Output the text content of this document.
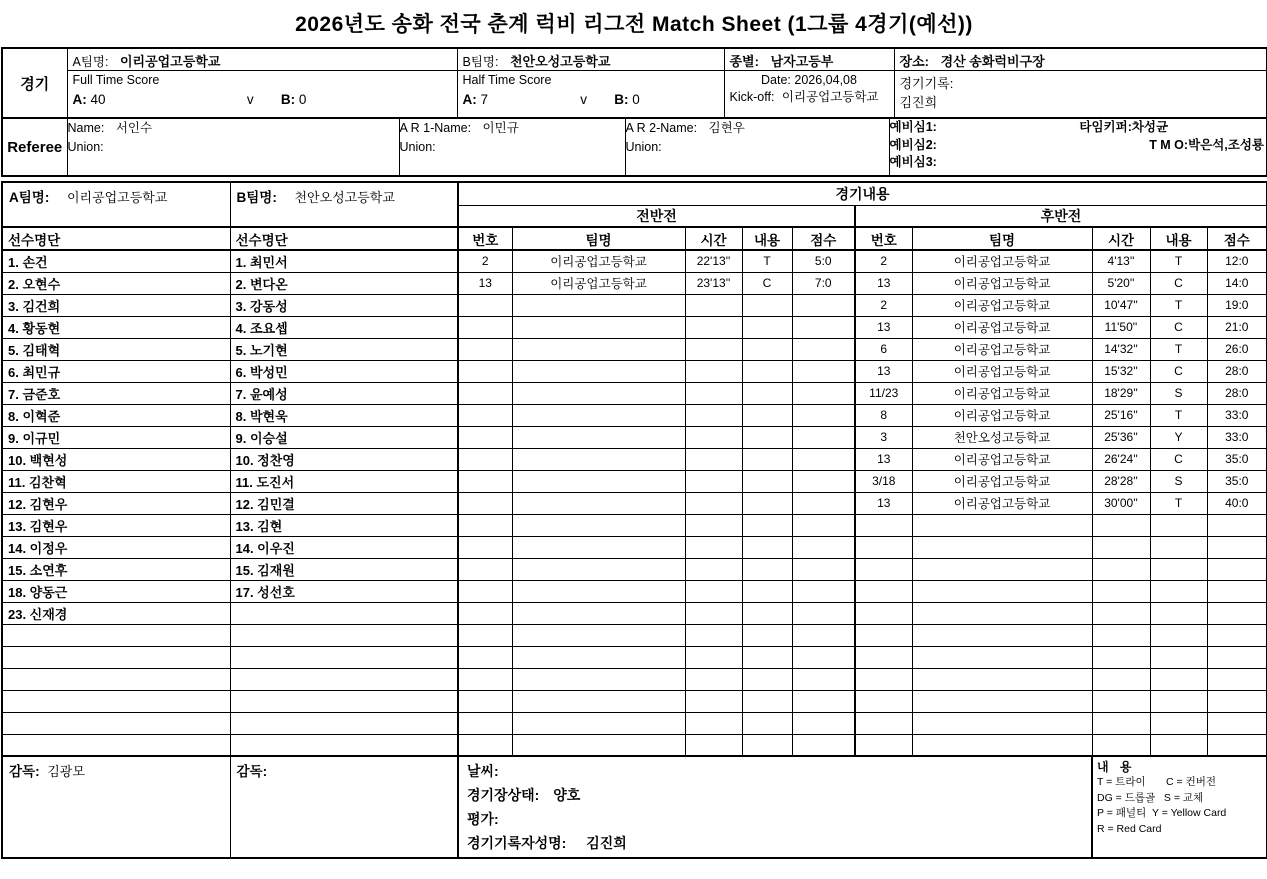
2026년도 송화 전국 춘계 럭비 리그전 Match Sheet (1그룹 4경기(예선))
경기	
A팀명: 이리공업고등학교
Full Time Score
A: 40	v	B: 0

B팀명: 천안오성고등학교
Half Time Score
A: 7	v	B: 0

종별: 남자고등부
Date: 2026,04,08
Kick-off: 이리공업고등학교

장소: 경산 송화럭비구장
경기기록:
김진희
Referee	
Name: 서인수
Union:

A R 1-Name: 이민규
Union:

A R 2-Name: 김현우
Union:

예비심1:	타임키퍼:차성균
예비심2:	T M O:박은석,조성룡
예비심3:
A팀명: 이리공업고등학교	B팀명: 천안오성고등학교	경기내용									
		전반전					후반전				
선수명단	선수명단	번호	팀명	시간	내용	점수	번호	팀명	시간	내용	점수
1. 손건	1. 최민서	2	이리공업고등학교	22'13''	T	5:0	2	이리공업고등학교	4'13''	T	12:0
2. 오현수	2. 변다온	13	이리공업고등학교	23'13''	C	7:0	13	이리공업고등학교	5'20''	C	14:0
3. 김건희	3. 강동성						2	이리공업고등학교	10'47''	T	19:0
4. 황동현	4. 조요셉						13	이리공업고등학교	11'50''	C	21:0
5. 김태혁	5. 노기현						6	이리공업고등학교	14'32''	T	26:0
6. 최민규	6. 박성민						13	이리공업고등학교	15'32''	C	28:0
7. 금준호	7. 윤예성						11/23	이리공업고등학교	18'29''	S	28:0
8. 이혁준	8. 박현욱						8	이리공업고등학교	25'16''	T	33:0
9. 이규민	9. 이승설						3	천안오성고등학교	25'36''	Y	33:0
10. 백현성	10. 정찬영						13	이리공업고등학교	26'24''	C	35:0
11. 김찬혁	11. 도진서						3/18	이리공업고등학교	28'28''	S	35:0
12. 김현우	12. 김민결						13	이리공업고등학교	30'00''	T	40:0
13. 김현우	13. 김현										
14. 이정우	14. 이우진										
15. 소연후	15. 김재원										
18. 양동근	17. 성선호										
23. 신재경											

감독: 김광모	감독:	날씨:
경기장상태: 양호
평가:
경기기록자성명: 김진희

내 용
T = 트라이       C = 컨버전
DG = 드롭골   S = 교체
P = 패널티  Y = Yellow Card
R = Red Card
